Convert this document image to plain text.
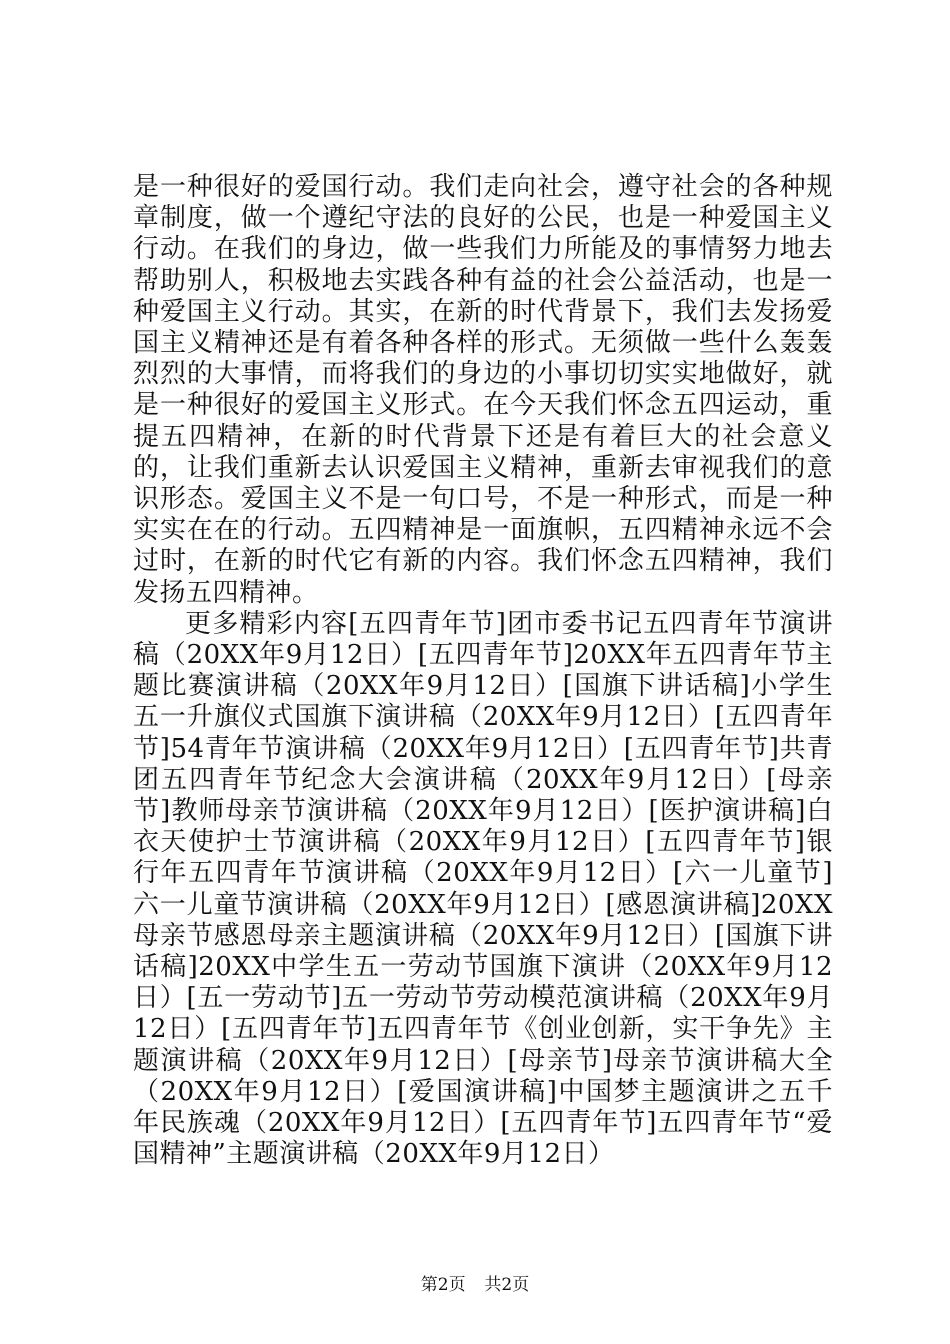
是一种很好的爱国行动。我们走向社会，遵守社会的各种规章制度，做一个遵纪守法的良好的公民，也是一种爱国主义行动。在我们的身边，做一些我们力所能及的事情努力地去帮助别人，积极地去实践各种有益的社会公益活动，也是一种爱国主义行动。其实，在新的时代背景下，我们去发扬爱国主义精神还是有着各种各样的形式。无须做一些什么轰轰烈烈的大事情，而将我们的身边的小事切切实实地做好，就是一种很好的爱国主义形式。在今天我们怀念五四运动，重提五四精神，在新的时代背景下还是有着巨大的社会意义的，让我们重新去认识爱国主义精神，重新去审视我们的意识形态。爱国主义不是一句口号，不是一种形式，而是一种实实在在的行动。五四精神是一面旗帜，五四精神永远不会过时，在新的时代它有新的内容。我们怀念五四精神，我们发扬五四精神。

更多精彩内容[五四青年节]团市委书记五四青年节演讲稿（20XX年9月12日）[五四青年节]20XX年五四青年节主题比赛演讲稿（20XX年9月12日）[国旗下讲话稿]小学生五一升旗仪式国旗下演讲稿（20XX年9月12日）[五四青年节]54青年节演讲稿（20XX年9月12日）[五四青年节]共青团五四青年节纪念大会演讲稿（20XX年9月12日）[母亲节]教师母亲节演讲稿（20XX年9月12日）[医护演讲稿]白衣天使护士节演讲稿（20XX年9月12日）[五四青年节]银行年五四青年节演讲稿（20XX年9月12日）[六一儿童节]六一儿童节演讲稿（20XX年9月12日）[感恩演讲稿]20XX母亲节感恩母亲主题演讲稿（20XX年9月12日）[国旗下讲话稿]20XX中学生五一劳动节国旗下演讲（20XX年9月12日）[五一劳动节]五一劳动节劳动模范演讲稿（20XX年9月12日）[五四青年节]五四青年节《创业创新，实干争先》主题演讲稿（20XX年9月12日）[母亲节]母亲节演讲稿大全（20XX年9月12日）[爱国演讲稿]中国梦主题演讲之五千年民族魂（20XX年9月12日）[五四青年节]五四青年节“爱国精神”主题演讲稿（20XX年9月12日）

第2页 共2页
